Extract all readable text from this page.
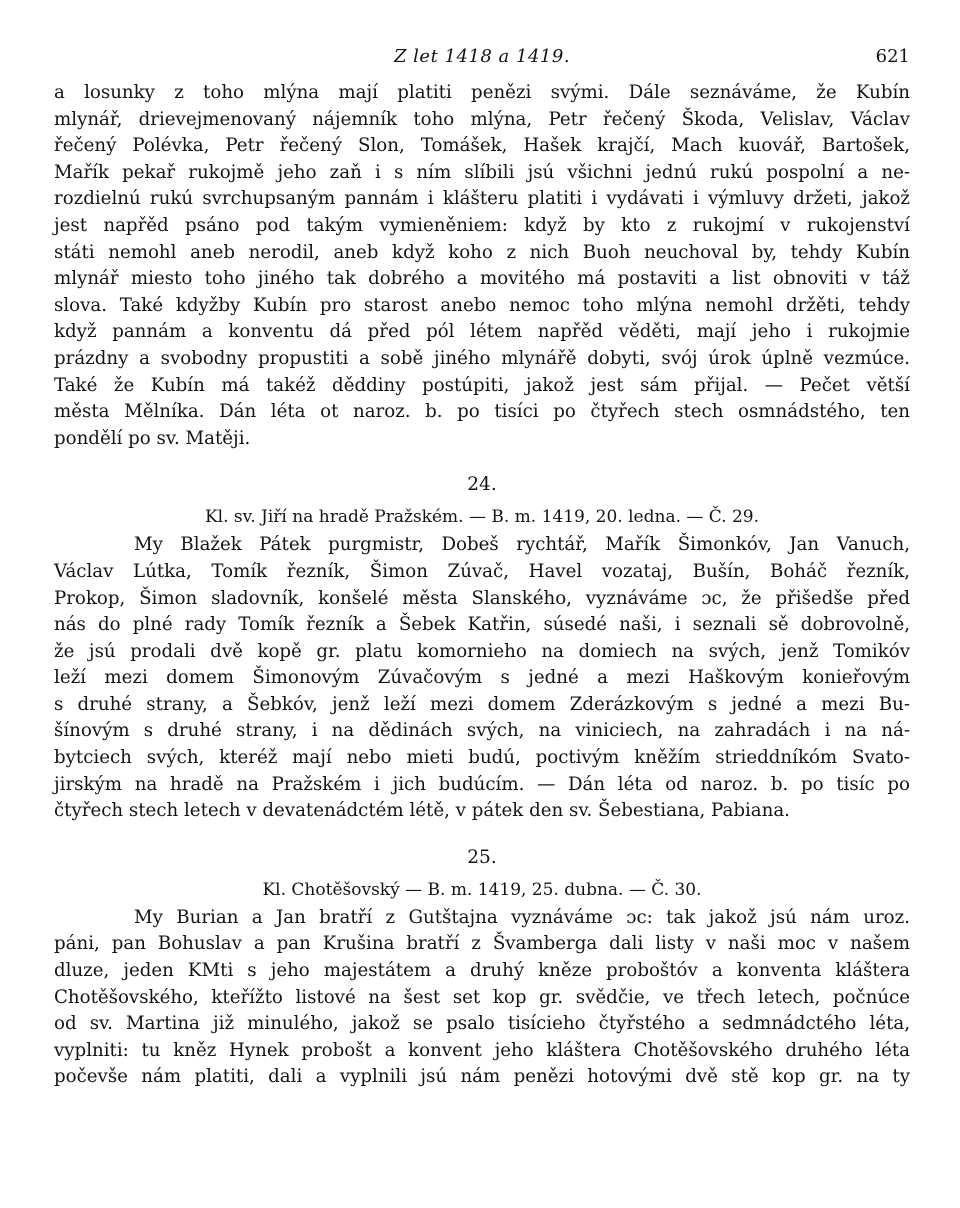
Z let 1418 a 1419.	621
a losunky z toho mlýna mají platiti penězi svými. Dále seznáváme, že Kubín
mlynář, drievejmenovaný nájemník toho mlýna, Petr řečený Škoda, Velislav, Václav
řečený Polévka, Petr řečený Slon, Tomášek, Hašek krajčí, Mach kuovář, Bartošek,
Mařík pekař rukojmě jeho zaň i s ním slíbili jsú všichni jednú rukú pospolní a ne-
rozdielnú rukú svrchupsaným pannám i klášteru platiti i vydávati i výmluvy držeti, jakož
jest napřěd psáno pod takým vymieněniem: když by kto z rukojmí v rukojenství
státi nemohl aneb nerodil, aneb když koho z nich Buoh neuchoval by, tehdy Kubín
mlynář miesto toho jiného tak dobrého a movitého má postaviti a list obnoviti v táž
slova. Také kdyžby Kubín pro starost anebo nemoc toho mlýna nemohl držěti, tehdy
když pannám a konventu dá před pól létem napřěd věděti, mají jeho i rukojmie
prázdny a svobodny propustiti a sobě jiného mlynářě dobyti, svój úrok úplně vezmúce.
Také že Kubín má takéž děddiny postúpiti, jakož jest sám přijal. — Pečet větší
města Mělníka. Dán léta ot naroz. b. po tisíci po čtyřech stech osmnádstého, ten
pondělí po sv. Matěji.
24.
Kl. sv. Jiří na hradě Pražském. — B. m. 1419, 20. ledna. — Č. 29.
My Blažek Pátek purgmistr, Dobeš rychtář, Mařík Šimonkóv, Jan Vanuch,
Václav Lútka, Tomík řezník, Šimon Zúvač, Havel vozataj, Bušín, Boháč řezník,
Prokop, Šimon sladovník, konšelé města Slanského, vyznáváme ɔc, že přišedše před
nás do plné rady Tomík řezník a Šebek Katřin, súsedé naši, i seznali sě dobrovolně,
že jsú prodali dvě kopě gr. platu komornieho na domiech na svých, jenž Tomikóv
leží mezi domem Šimonovým Zúvačovým s jedné a mezi Haškovým konieřovým
s druhé strany, a Šebkóv, jenž leží mezi domem Zderázkovým s jedné a mezi Bu-
šínovým s druhé strany, i na dědinách svých, na viniciech, na zahradách i na ná-
bytciech svých, kteréž mají nebo mieti budú, poctivým kněžím strieddníkóm Svato-
jirským na hradě na Pražském i jich budúcím. — Dán léta od naroz. b. po tisíc po
čtyřech stech letech v devatenádctém létě, v pátek den sv. Šebestiana, Pabiana.
25.
Kl. Chotěšovský — B. m. 1419, 25. dubna. — Č. 30.
My Burian a Jan bratří z Gutštajna vyznáváme ɔc: tak jakož jsú nám uroz.
páni, pan Bohuslav a pan Krušina bratří z Švamberga dali listy v naši moc v našem
dluze, jeden KMti s jeho majestátem a druhý kněze proboštóv a konventa kláštera
Chotěšovského, kteřížto listové na šest set kop gr. svědčie, ve třech letech, počnúce
od sv. Martina již minulého, jakož se psalo tisícieho čtyřstého a sedmnádctého léta,
vyplniti: tu kněz Hynek probošt a konvent jeho kláštera Chotěšovského druhého léta
počevše nám platiti, dali a vyplnili jsú nám penězi hotovými dvě stě kop gr. na ty
